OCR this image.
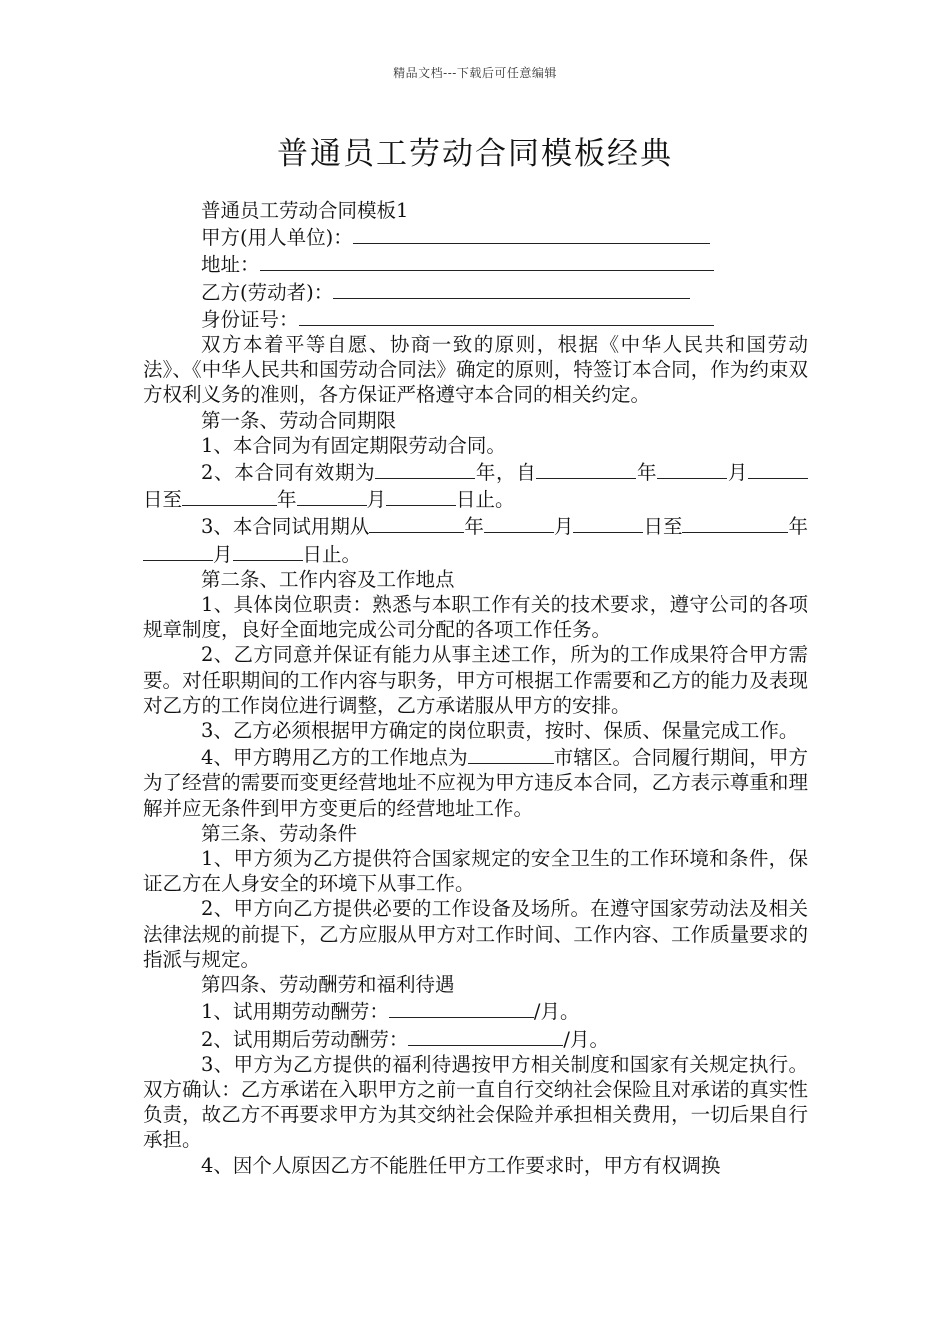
精品文档---下载后可任意编辑
普通员工劳动合同模板经典

普通员工劳动合同模板1

甲方(用人单位)：

地址：

乙方(劳动者)：

身份证号：

双方本着平等自愿、协商一致的原则，根据《中华人民共和国劳动法》、《中华人民共和国劳动合同法》确定的原则，特签订本合同，作为约束双方权利义务的准则，各方保证严格遵守本合同的相关约定。

第一条、劳动合同期限

1、本合同为有固定期限劳动合同。

2、本合同有效期为	年，自	年	月日至	年	月	日止。

3、本合同试用期从	年	月	日至	年月	日止。

第二条、工作内容及工作地点

1、具体岗位职责：熟悉与本职工作有关的技术要求，遵守公司的各项规章制度，良好全面地完成公司分配的各项工作任务。

2、乙方同意并保证有能力从事主述工作，所为的工作成果符合甲方需要。对任职期间的工作内容与职务，甲方可根据工作需要和乙方的能力及表现对乙方的工作岗位进行调整，乙方承诺服从甲方的安排。

3、乙方必须根据甲方确定的岗位职责，按时、保质、保量完成工作。

4、甲方聘用乙方的工作地点为	市辖区。合同履行期间，甲方为了经营的需要而变更经营地址不应视为甲方违反本合同，乙方表示尊重和理解并应无条件到甲方变更后的经营地址工作。

第三条、劳动条件

1、甲方须为乙方提供符合国家规定的安全卫生的工作环境和条件，保证乙方在人身安全的环境下从事工作。

2、甲方向乙方提供必要的工作设备及场所。在遵守国家劳动法及相关法律法规的前提下，乙方应服从甲方对工作时间、工作内容、工作质量要求的指派与规定。

第四条、劳动酬劳和福利待遇

1、试用期劳动酬劳：	/月。

2、试用期后劳动酬劳：	/月。

3、甲方为乙方提供的福利待遇按甲方相关制度和国家有关规定执行。双方确认：乙方承诺在入职甲方之前一直自行交纳社会保险且对承诺的真实性负责，故乙方不再要求甲方为其交纳社会保险并承担相关费用，一切后果自行承担。

4、因个人原因乙方不能胜任甲方工作要求时，甲方有权调换
